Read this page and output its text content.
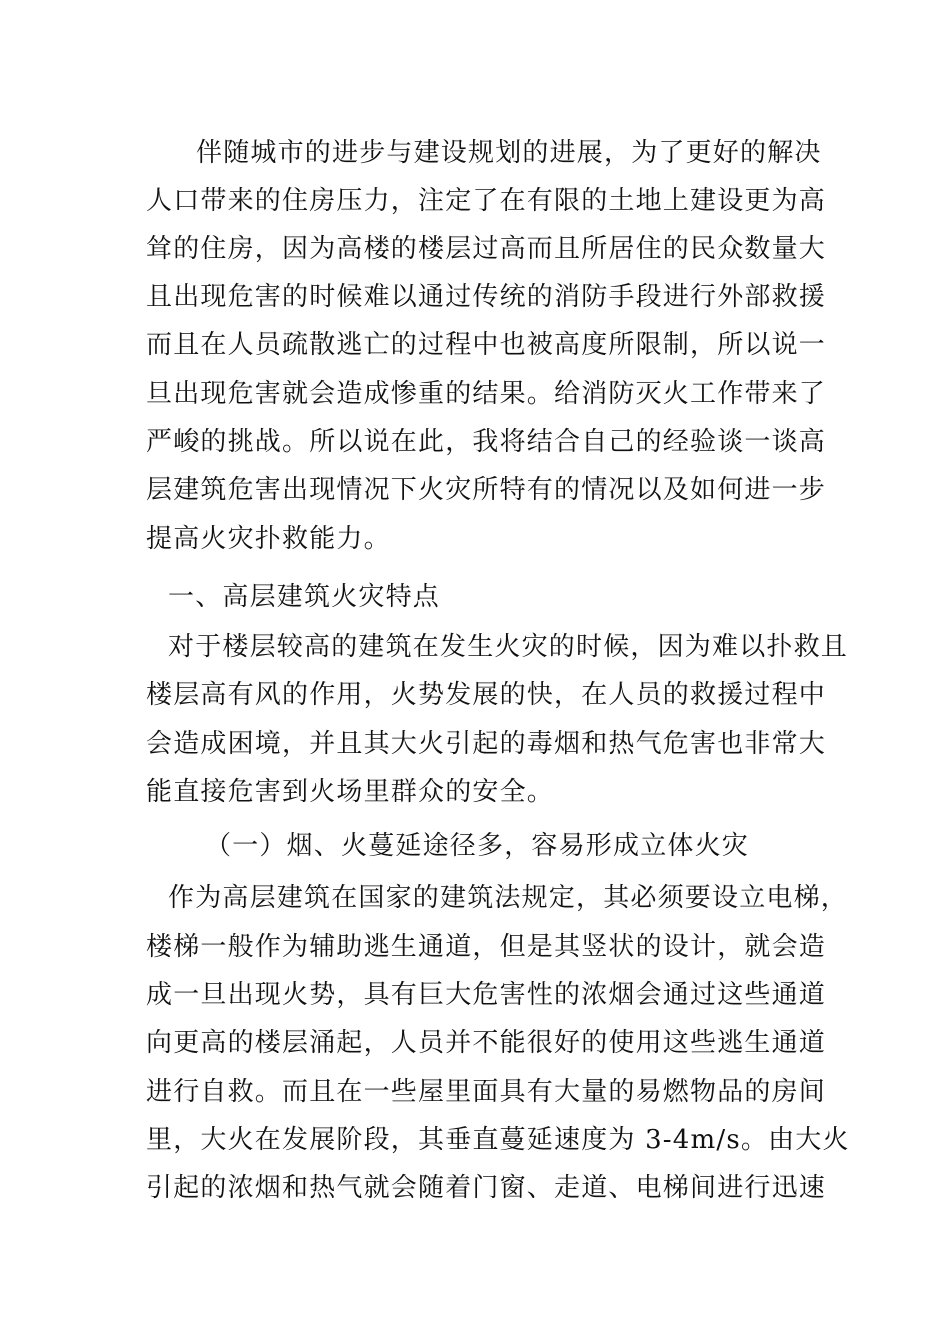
伴随城市的进步与建设规划的进展，为了更好的解决
人口带来的住房压力，注定了在有限的土地上建设更为高
耸的住房，因为高楼的楼层过高而且所居住的民众数量大
且出现危害的时候难以通过传统的消防手段进行外部救援
而且在人员疏散逃亡的过程中也被高度所限制，所以说一
旦出现危害就会造成惨重的结果。给消防灭火工作带来了
严峻的挑战。所以说在此，我将结合自己的经验谈一谈高
层建筑危害出现情况下火灾所特有的情况以及如何进一步
提高火灾扑救能力。
一、高层建筑火灾特点
对于楼层较高的建筑在发生火灾的时候，因为难以扑救且
楼层高有风的作用，火势发展的快，在人员的救援过程中
会造成困境，并且其大火引起的毒烟和热气危害也非常大
能直接危害到火场里群众的安全。
（一）烟、火蔓延途径多，容易形成立体火灾
作为高层建筑在国家的建筑法规定，其必须要设立电梯，
楼梯一般作为辅助逃生通道，但是其竖状的设计，就会造
成一旦出现火势，具有巨大危害性的浓烟会通过这些通道
向更高的楼层涌起，人员并不能很好的使用这些逃生通道
进行自救。而且在一些屋里面具有大量的易燃物品的房间
里，大火在发展阶段，其垂直蔓延速度为 3-4m/s。由大火
引起的浓烟和热气就会随着门窗、走道、电梯间进行迅速
